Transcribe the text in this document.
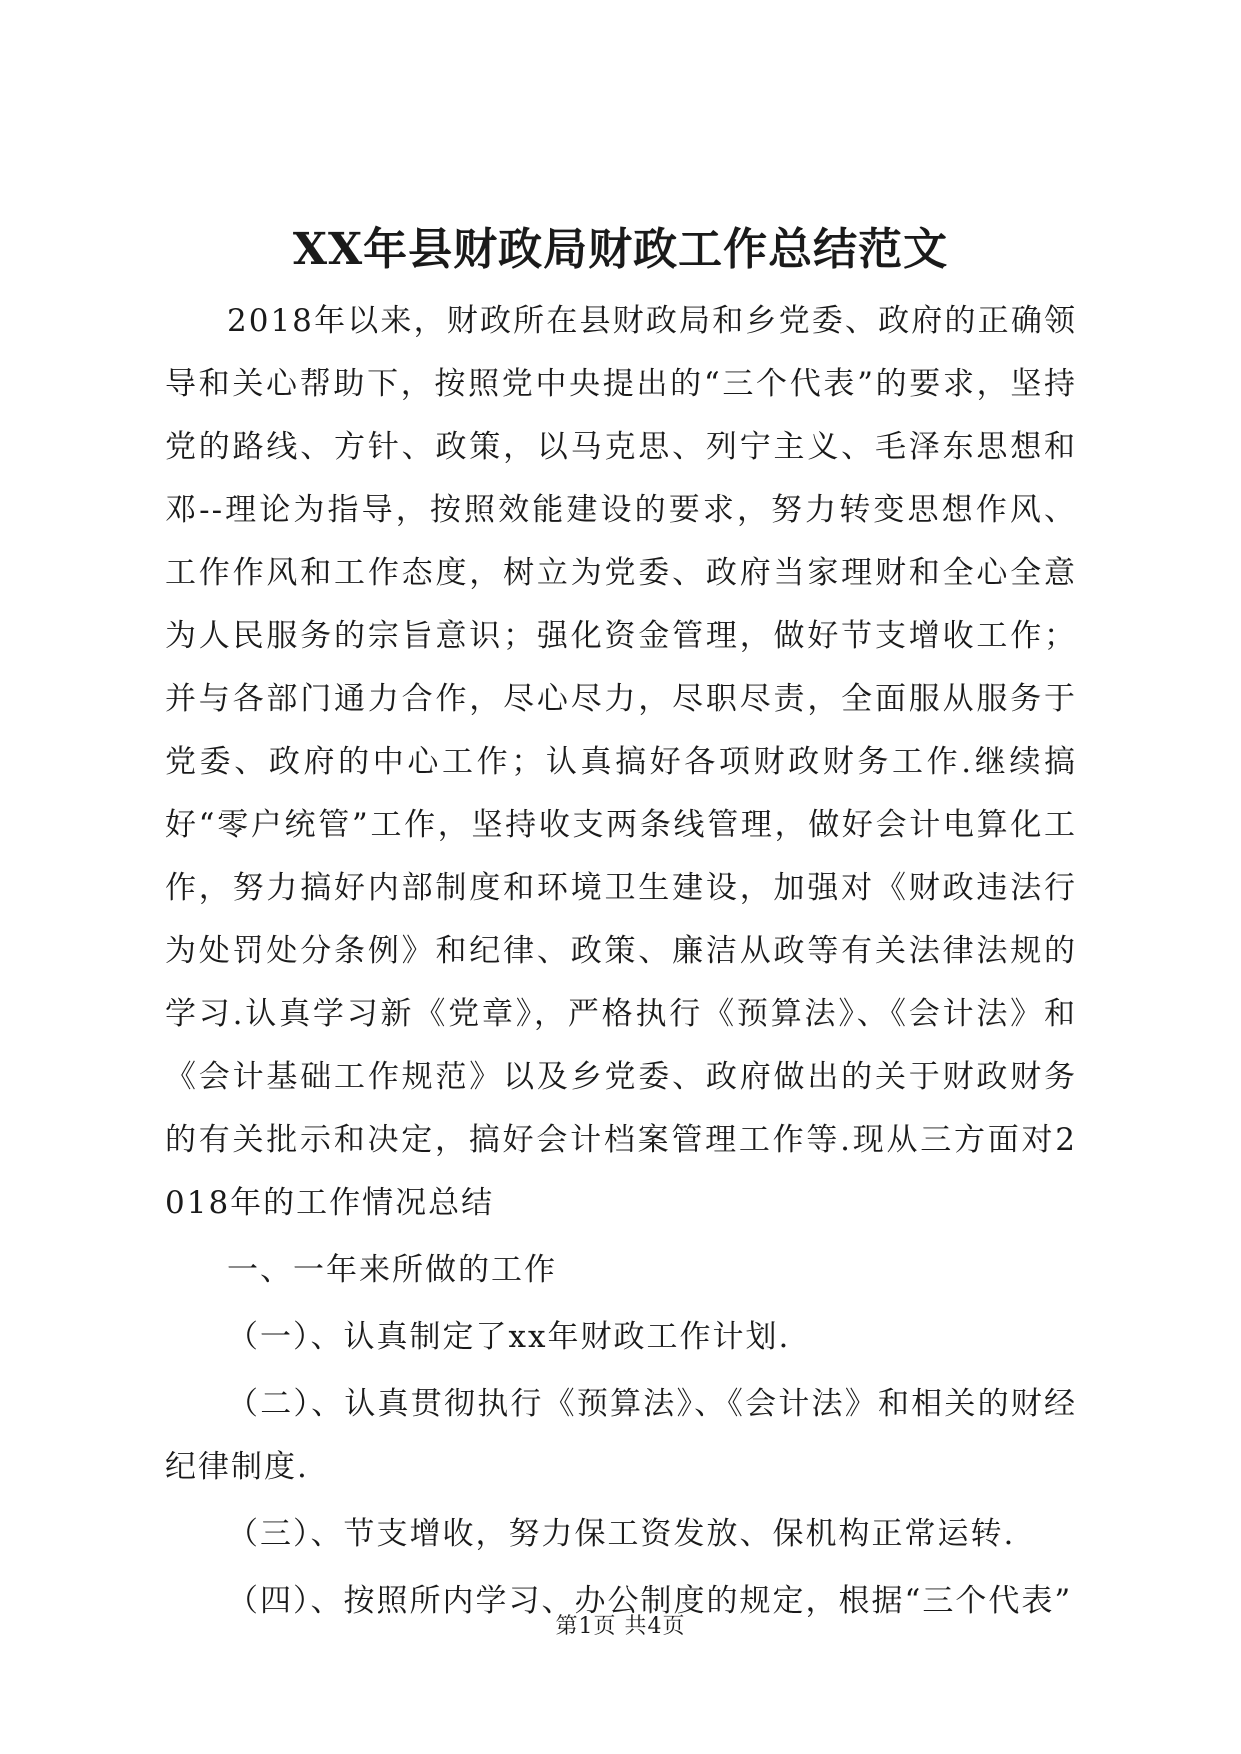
XX年县财政局财政工作总结范文

2018年以来，财政所在县财政局和乡党委、政府的正确领导和关心帮助下，按照党中央提出的“三个代表”的要求，坚持党的路线、方针、政策，以马克思、列宁主义、毛泽东思想和邓--理论为指导，按照效能建设的要求，努力转变思想作风、工作作风和工作态度，树立为党委、政府当家理财和全心全意为人民服务的宗旨意识；强化资金管理，做好节支增收工作；并与各部门通力合作，尽心尽力，尽职尽责，全面服从服务于党委、政府的中心工作；认真搞好各项财政财务工作.继续搞好“零户统管”工作，坚持收支两条线管理，做好会计电算化工作，努力搞好内部制度和环境卫生建设，加强对《财政违法行为处罚处分条例》和纪律、政策、廉洁从政等有关法律法规的学习.认真学习新《党章》，严格执行《预算法》、《会计法》和《会计基础工作规范》以及乡党委、政府做出的关于财政财务的有关批示和决定，搞好会计档案管理工作等.现从三方面对2018年的工作情况总结

一、一年来所做的工作

（一）、认真制定了xx年财政工作计划.

（二）、认真贯彻执行《预算法》、《会计法》和相关的财经纪律制度.

（三）、节支增收，努力保工资发放、保机构正常运转.

（四）、按照所内学习、办公制度的规定，根据“三个代表”

第1页 共4页
